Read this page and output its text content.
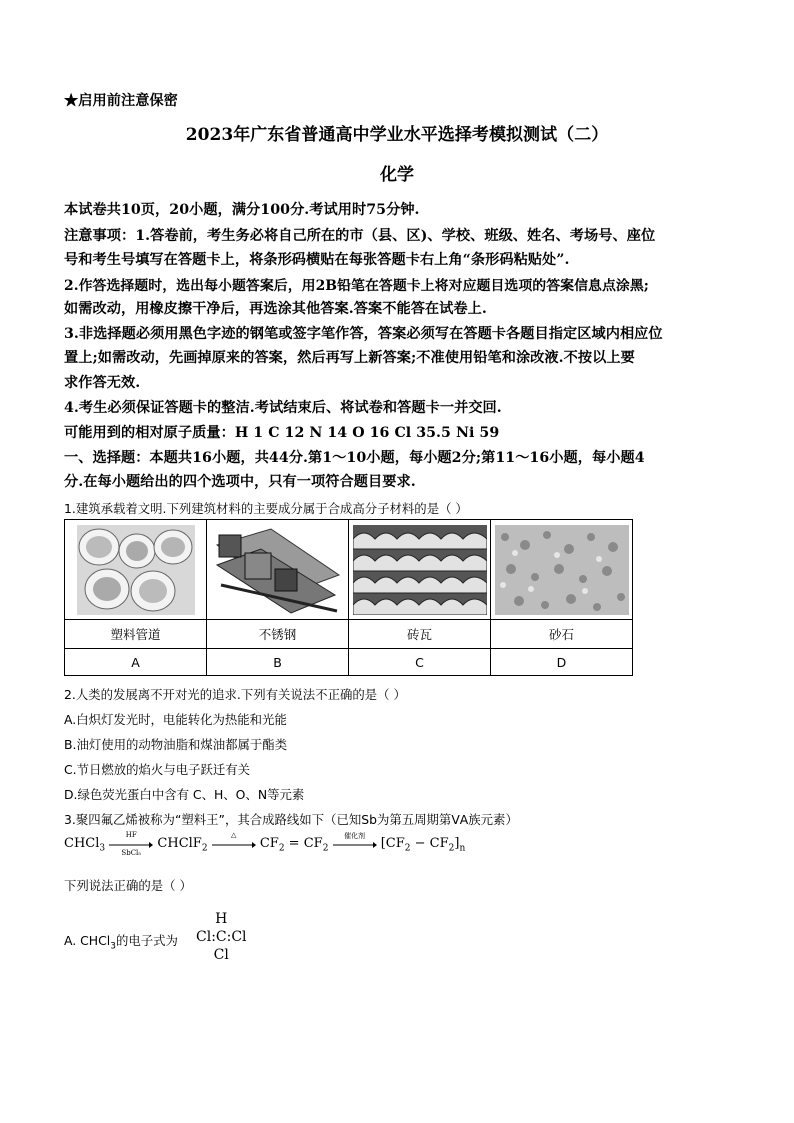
★启用前注意保密
2023年广东省普通高中学业水平选择考模拟测试（二）
化学
本试卷共10页，20小题，满分100分.考试用时75分钟.
注意事项：1.答卷前，考生务必将自己所在的市（县、区)、学校、班级、姓名、考场号、座位
号和考生号填写在答题卡上，将条形码横贴在每张答题卡右上角“条形码粘贴处”.
2.作答选择题时，选出每小题答案后，用2B铅笔在答题卡上将对应题目选项的答案信息点涂黑;
如需改动，用橡皮擦干净后，再选涂其他答案.答案不能答在试卷上.
3.非选择题必须用黑色字迹的钢笔或签字笔作答，答案必须写在答题卡各题目指定区域内相应位
置上;如需改动，先画掉原来的答案，然后再写上新答案;不准使用铅笔和涂改液.不按以上要
求作答无效.
4.考生必须保证答题卡的整洁.考试结束后、将试卷和答题卡一并交回.
可能用到的相对原子质量：H 1 C 12 N 14 O 16 Cl 35.5 Ni 59
一、选择题：本题共16小题，共44分.第1～10小题，每小题2分;第11～16小题，每小题4
分.在每小题给出的四个选项中，只有一项符合题目要求.
1.建筑承载着文明.下列建筑材料的主要成分属于合成高分子材料的是（ ）

塑料管道	不锈钢	砖瓦	砂石
A	B	C	D
2.人类的发展离不开对光的追求.下列有关说法不正确的是（ ）
A.白炽灯发光时，电能转化为热能和光能
B.油灯使用的动物油脂和煤油都属于酯类
C.节日燃放的焰火与电子跃迁有关
D.绿色荧光蛋白中含有 C、H、O、N等元素
3.聚四氟乙烯被称为“塑料王”，其合成路线如下（已知Sb为第五周期第ⅤA族元素）
CHCl$_3$
HF
SbCl₅
CHClF$_2$
△
$CF_2 = CF_2$
催化剂
$[CF_2 - CF_2]_n$
下列说法正确的是（ ）
A. CHCl$_3$的电子式为
H
Cl:C:Cl
Cl
